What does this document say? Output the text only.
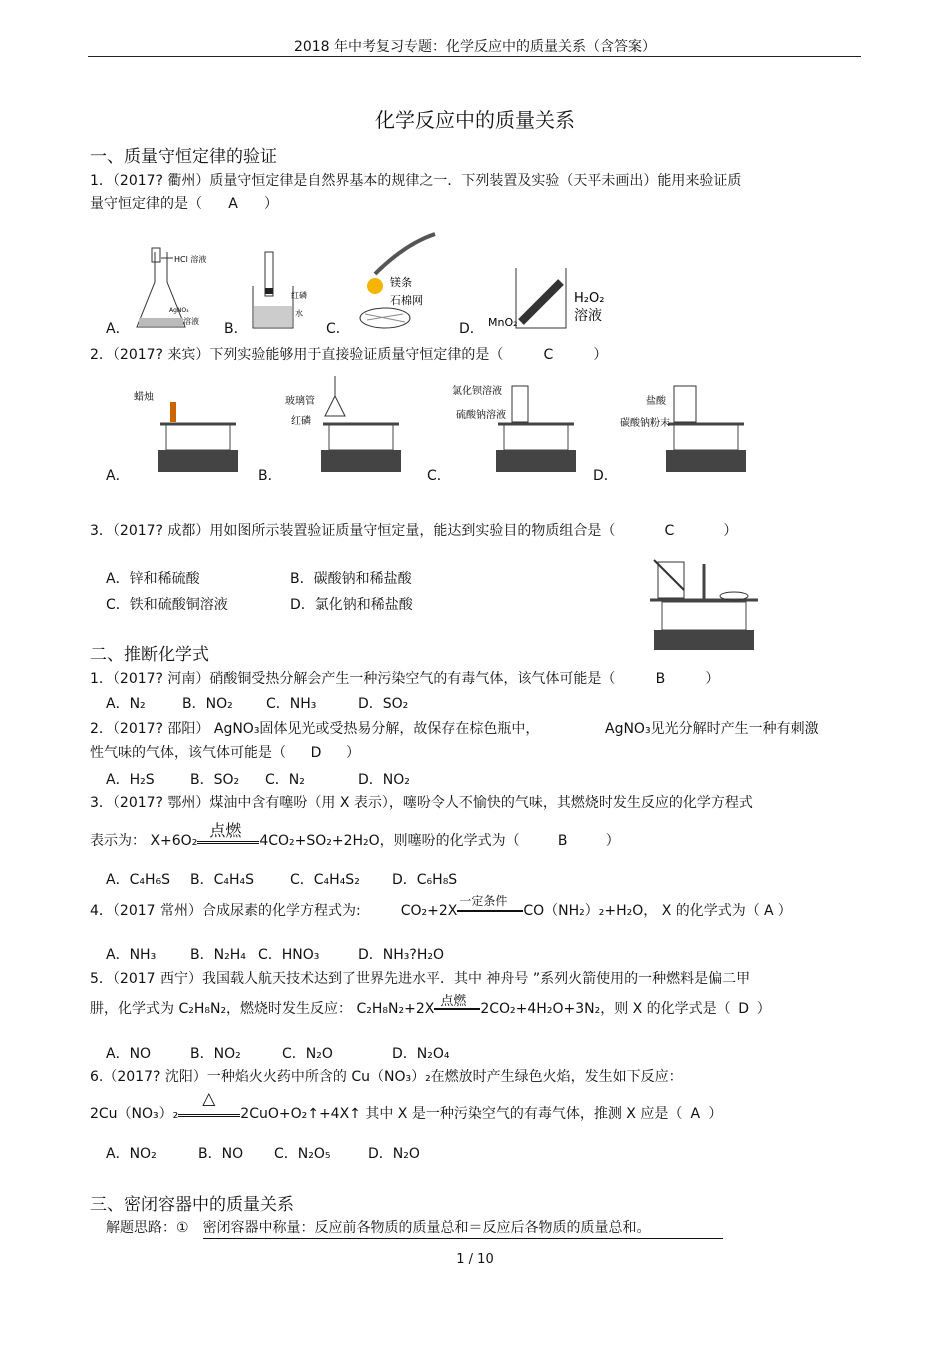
2018 年中考复习专题：化学反应中的质量关系（含答案）
化学反应中的质量关系
一、质量守恒定律的验证
1．（2017? 衢州）质量守恒定律是自然界基本的规律之一．下列装置及实验（天平未画出）能用来验证质
量守恒定律的是（ A ）
A．
HCl 溶液
AgNO₃
溶液 B．
红磷
水
C．
镁条
石棉网
D． MnO₂
H₂O₂
溶液
2．（2017? 来宾）下列实验能够用于直接验证质量守恒定律的是（	C	）
A．
蜡烛
B．
玻璃管
红磷
C．
氯化钡溶液
硫酸钠溶液
D．
盐酸
碳酸钠粉末
3．（2017? 成都）用如图所示装置验证质量守恒定量，能达到实验目的物质组合是（	C	）
A．锌和稀硫酸	B．碳酸钠和稀盐酸
C．铁和硫酸铜溶液	D．氯化钠和稀盐酸
二、推断化学式
1．（2017? 河南）硝酸铜受热分解会产生一种污染空气的有毒气体，该气体可能是（	B	）
A．N₂	B．NO₂ C．NH₃	D．SO₂
2．（2017? 邵阳） AgNO₃固体见光或受热易分解，故保存在棕色瓶中，	AgNO₃见光分解时产生一种有刺激
性气味的气体，该气体可能是（ D ）
A．H₂S	B．SO₂ C．N₂	D．NO₂
3．（2017? 鄂州）煤油中含有噻吩（用 X 表示），噻吩令人不愉快的气味，其燃烧时发生反应的化学方程式
表示为： X+6O₂
点燃
4CO₂+SO₂+2H₂O，则噻吩的化学式为（	B	）
A．C₄H₆S B．C₄H₄S	C．C₄H₄S₂ D．C₆H₈S
4．（2017 常州）合成尿素的化学方程式为:	CO₂+2X
一定条件
CO（NH₂）₂+H₂O， X 的化学式为（ A ）
A．NH₃ B．N₂H₄ C．HNO₃	D．NH₃?H₂O
5．（2017 西宁）我国载人航天技术达到了世界先进水平．其中 神舟号 ”系列火箭使用的一种燃料是偏二甲
肼，化学式为 C₂H₈N₂，燃烧时发生反应： C₂H₈N₂+2X 点燃 2CO₂+4H₂O+3N₂，则 X 的化学式是（ D ）
A．NO	B．NO₂	C．N₂O	D．N₂O₄
6.（2017? 沈阳）一种焰火火药中所含的 Cu（NO₃）₂在燃放时产生绿色火焰，发生如下反应：
2Cu（NO₃）₂
△
2CuO+O₂↑+4X↑ 其中 X 是一种污染空气的有毒气体，推测 X 应是（ A ）
A．NO₂	B．NO C．N₂O₅	D．N₂O
三、密闭容器中的质量关系
解题思路：① 密闭容器中称量：反应前各物质的质量总和＝反应后各物质的质量总和。
1 / 10
